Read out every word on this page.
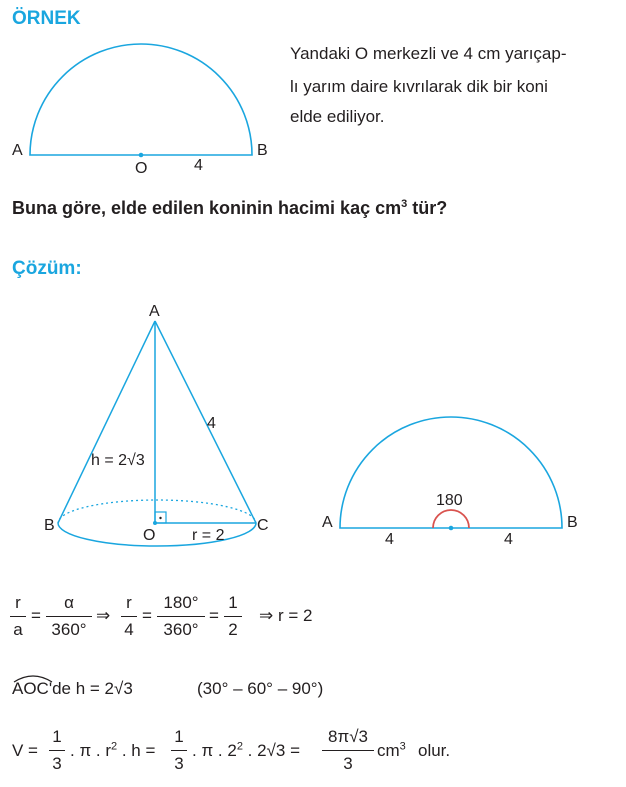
ÖRNEK
Yandaki O merkezli ve 4 cm yarıçap-
lı yarım daire kıvrılarak dik bir koni
elde ediliyor.
A	B
O	4
Buna göre, elde edilen koninin hacimi kaç $cm^3$ tür?
Çözüm:
A
4
h = 2√3
B	C
O r = 2
A	B
180
4	4
r
a
=
α
360°
⇒
r
4
=
180°
360°
=
1
2
⇒ r = 2
AOC'de h = 2√3	(30° – 60° – 90°)
V =
1
3
. π . $r^2$ . h =
1
3
. π . $2^2$ . 2√3 =
8π√3
3
$cm^3$ olur.
